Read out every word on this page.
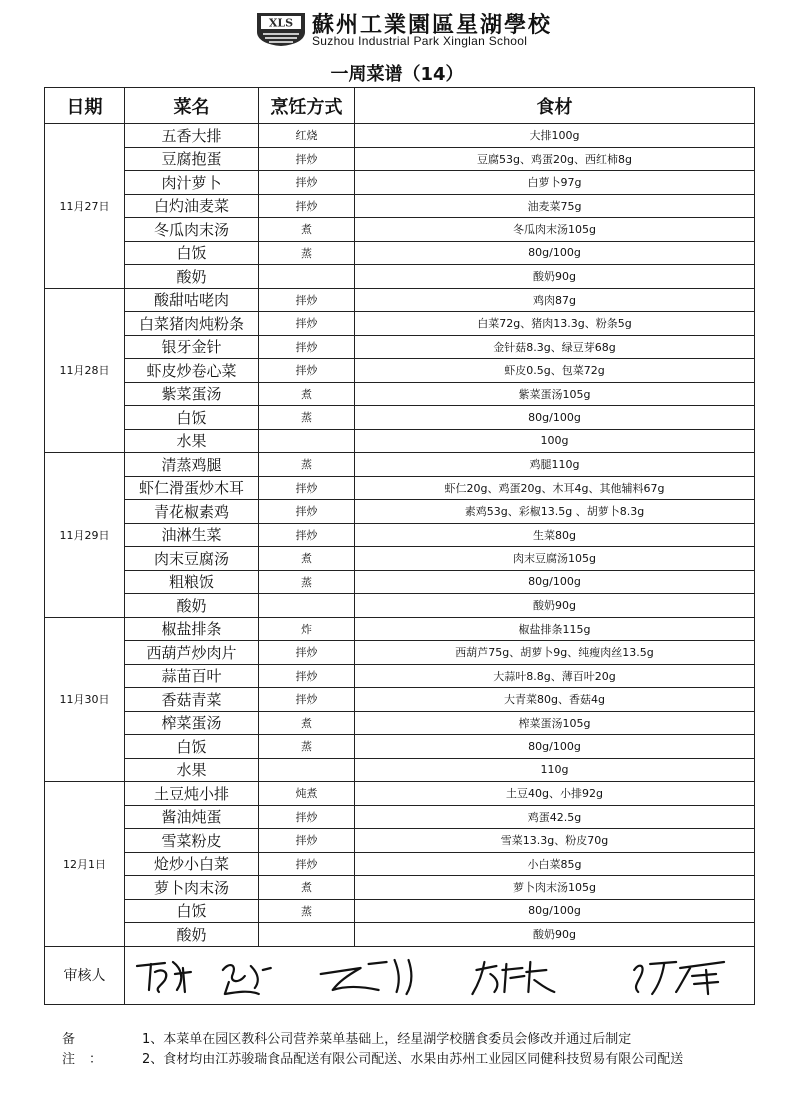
XLS 蘇州工業園區星湖學校
Suzhou Industrial Park Xinglan School
一周菜谱（14）
日期	菜名	烹饪方式	食材
11月27日	五香大排	红烧	大排100g
	豆腐抱蛋	拌炒	豆腐53g、鸡蛋20g、西红柿8g
	肉汁萝卜	拌炒	白萝卜97g
	白灼油麦菜	拌炒	油麦菜75g
	冬瓜肉末汤	煮	冬瓜肉末汤105g
	白饭	蒸	80g/100g
	酸奶		酸奶90g
11月28日	酸甜咕咾肉	拌炒	鸡肉87g
	白菜猪肉炖粉条	拌炒	白菜72g、猪肉13.3g、粉条5g
	银牙金针	拌炒	金针菇8.3g、绿豆芽68g
	虾皮炒卷心菜	拌炒	虾皮0.5g、包菜72g
	紫菜蛋汤	煮	紫菜蛋汤105g
	白饭	蒸	80g/100g
	水果		100g
11月29日	清蒸鸡腿	蒸	鸡腿110g
	虾仁滑蛋炒木耳	拌炒	虾仁20g、鸡蛋20g、木耳4g、其他辅料67g
	青花椒素鸡	拌炒	素鸡53g、彩椒13.5g 、胡萝卜8.3g
	油淋生菜	拌炒	生菜80g
	肉末豆腐汤	煮	肉末豆腐汤105g
	粗粮饭	蒸	80g/100g
	酸奶		酸奶90g
11月30日	椒盐排条	炸	椒盐排条115g
	西葫芦炒肉片	拌炒	西葫芦75g、胡萝卜9g、纯瘦肉丝13.5g
	蒜苗百叶	拌炒	大蒜叶8.8g、薄百叶20g
	香菇青菜	拌炒	大青菜80g、香菇4g
	榨菜蛋汤	煮	榨菜蛋汤105g
	白饭	蒸	80g/100g
	水果		110g
12月1日	土豆炖小排	炖煮	土豆40g、小排92g
	酱油炖蛋	拌炒	鸡蛋42.5g
	雪菜粉皮	拌炒	雪菜13.3g、粉皮70g
	炝炒小白菜	拌炒	小白菜85g
	萝卜肉末汤	煮	萝卜肉末汤105g
	白饭	蒸	80g/100g
	酸奶		酸奶90g
审核人	
备注：
1、本菜单在园区教科公司营养菜单基础上，经星湖学校膳食委员会修改并通过后制定
2、食材均由江苏骏瑞食品配送有限公司配送、水果由苏州工业园区同健科技贸易有限公司配送
